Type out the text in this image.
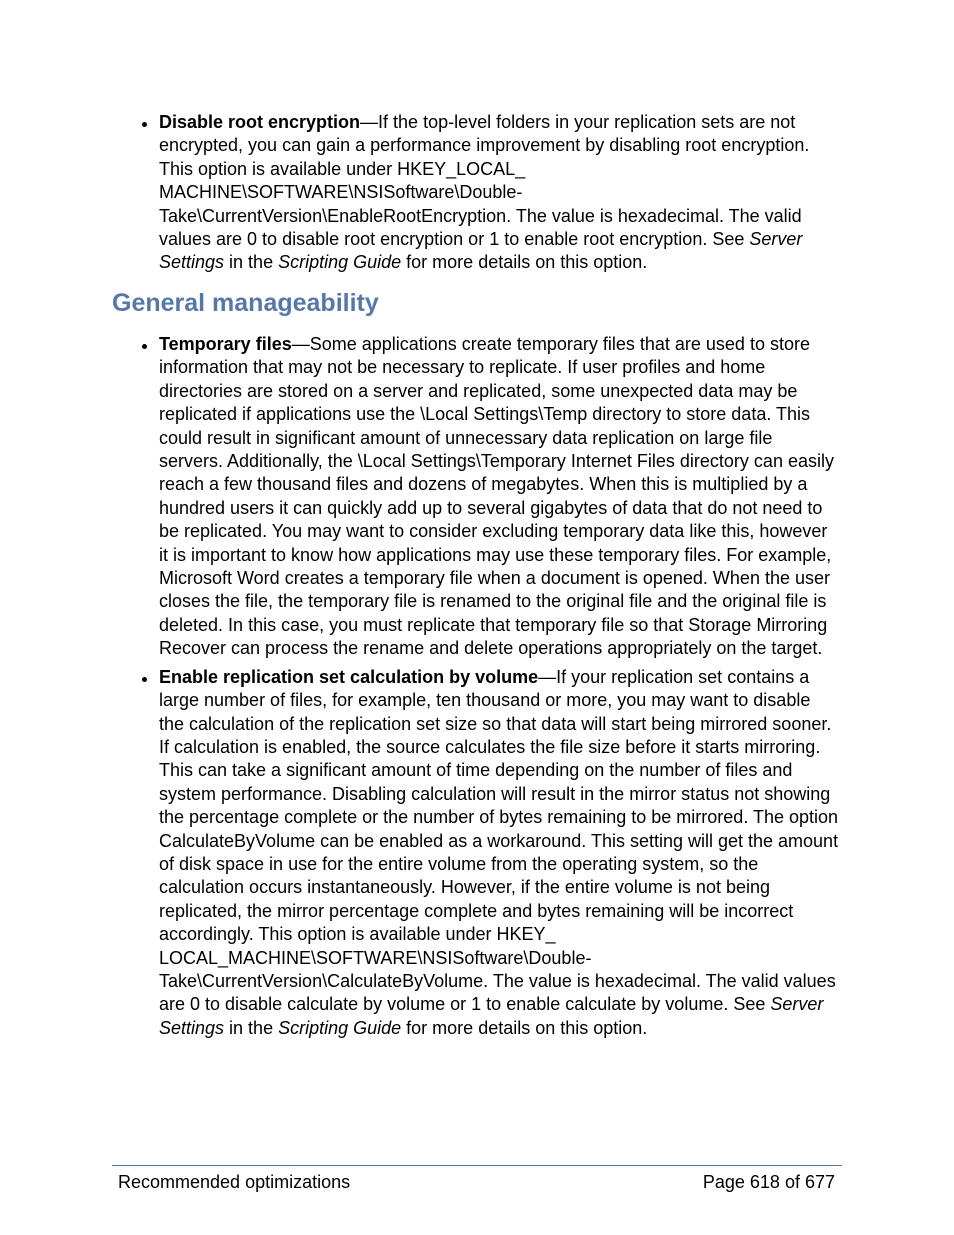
Disable root encryption—If the top-level folders in your replication sets are not encrypted, you can gain a performance improvement by disabling root encryption. This option is available under HKEY_LOCAL_
MACHINE\SOFTWARE\NSISoftware\Double-
Take\CurrentVersion\EnableRootEncryption. The value is hexadecimal. The valid values are 0 to disable root encryption or 1 to enable root encryption. See Server Settings in the Scripting Guide for more details on this option.
General manageability
Temporary files—Some applications create temporary files that are used to store information that may not be necessary to replicate. If user profiles and home directories are stored on a server and replicated, some unexpected data may be replicated if applications use the \Local Settings\Temp directory to store data. This could result in significant amount of unnecessary data replication on large file servers. Additionally, the \Local Settings\Temporary Internet Files directory can easily reach a few thousand files and dozens of megabytes. When this is multiplied by a hundred users it can quickly add up to several gigabytes of data that do not need to be replicated. You may want to consider excluding temporary data like this, however it is important to know how applications may use these temporary files. For example, Microsoft Word creates a temporary file when a document is opened. When the user closes the file, the temporary file is renamed to the original file and the original file is deleted. In this case, you must replicate that temporary file so that Storage Mirroring Recover can process the rename and delete operations appropriately on the target.
Enable replication set calculation by volume—If your replication set contains a large number of files, for example, ten thousand or more, you may want to disable the calculation of the replication set size so that data will start being mirrored sooner. If calculation is enabled, the source calculates the file size before it starts mirroring. This can take a significant amount of time depending on the number of files and system performance. Disabling calculation will result in the mirror status not showing the percentage complete or the number of bytes remaining to be mirrored. The option CalculateByVolume can be enabled as a workaround. This setting will get the amount of disk space in use for the entire volume from the operating system, so the calculation occurs instantaneously. However, if the entire volume is not being replicated, the mirror percentage complete and bytes remaining will be incorrect accordingly. This option is available under HKEY_
LOCAL_MACHINE\SOFTWARE\NSISoftware\Double-
Take\CurrentVersion\CalculateByVolume. The value is hexadecimal. The valid values are 0 to disable calculate by volume or 1 to enable calculate by volume. See Server Settings in the Scripting Guide for more details on this option.
Recommended optimizations	Page 618 of 677
